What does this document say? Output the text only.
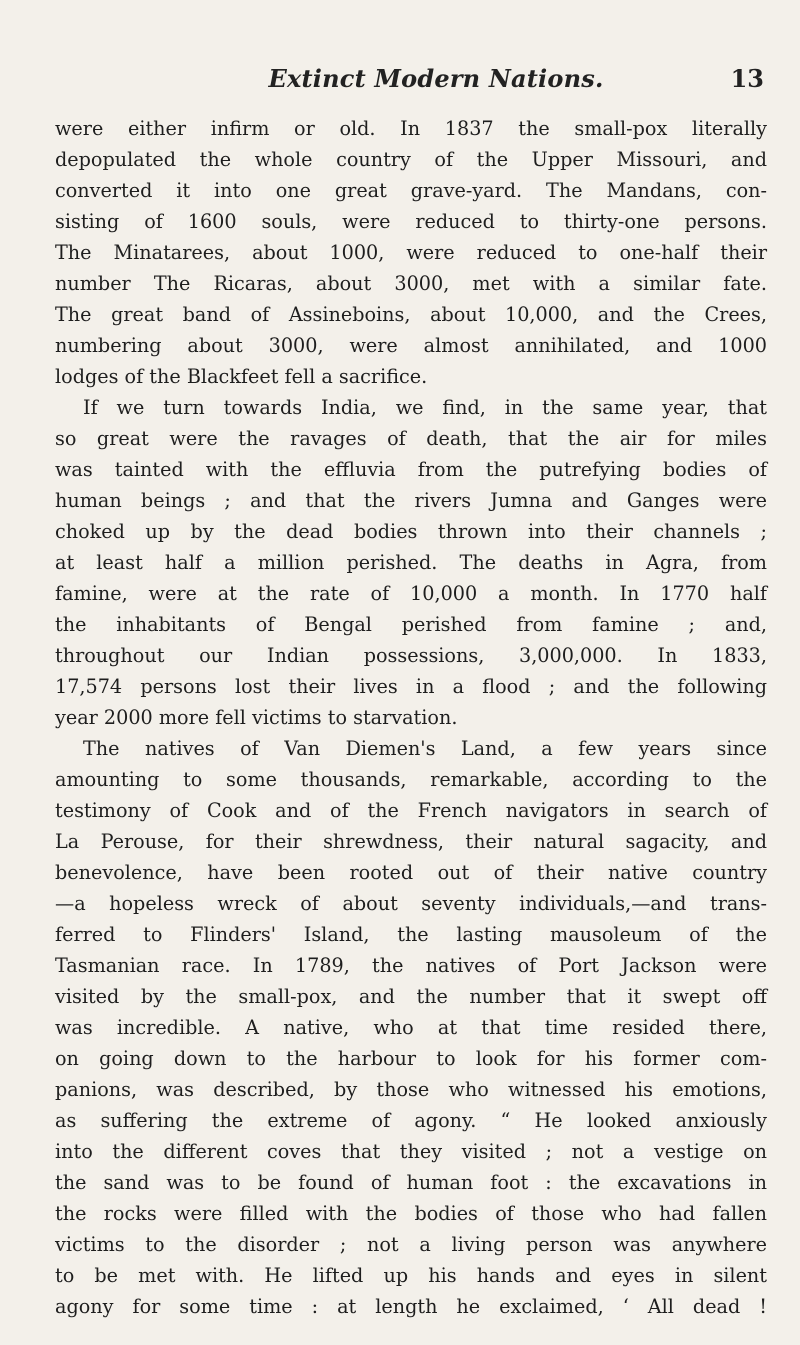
Extinct Modern Nations.	13
were either infirm or old. In 1837 the small-pox literally
depopulated the whole country of the Upper Missouri, and
converted it into one great grave-yard. The Mandans, con-
sisting of 1600 souls, were reduced to thirty-one persons.
The Minatarees, about 1000, were reduced to one-half their
number The Ricaras, about 3000, met with a similar fate.
The great band of Assineboins, about 10,000, and the Crees,
numbering about 3000, were almost annihilated, and 1000
lodges of the Blackfeet fell a sacrifice.
If we turn towards India, we find, in the same year, that
so great were the ravages of death, that the air for miles
was tainted with the effluvia from the putrefying bodies of
human beings ; and that the rivers Jumna and Ganges were
choked up by the dead bodies thrown into their channels ;
at least half a million perished. The deaths in Agra, from
famine, were at the rate of 10,000 a month. In 1770 half
the inhabitants of Bengal perished from famine ; and,
throughout our Indian possessions, 3,000,000. In 1833,
17,574 persons lost their lives in a flood ; and the following
year 2000 more fell victims to starvation.
The natives of Van Diemen's Land, a few years since
amounting to some thousands, remarkable, according to the
testimony of Cook and of the French navigators in search of
La Perouse, for their shrewdness, their natural sagacity, and
benevolence, have been rooted out of their native country
—a hopeless wreck of about seventy individuals,—and trans-
ferred to Flinders' Island, the lasting mausoleum of the
Tasmanian race. In 1789, the natives of Port Jackson were
visited by the small-pox, and the number that it swept off
was incredible. A native, who at that time resided there,
on going down to the harbour to look for his former com-
panions, was described, by those who witnessed his emotions,
as suffering the extreme of agony. “ He looked anxiously
into the different coves that they visited ; not a vestige on
the sand was to be found of human foot : the excavations in
the rocks were filled with the bodies of those who had fallen
victims to the disorder ; not a living person was anywhere
to be met with. He lifted up his hands and eyes in silent
agony for some time : at length he exclaimed, ‘ All dead !
